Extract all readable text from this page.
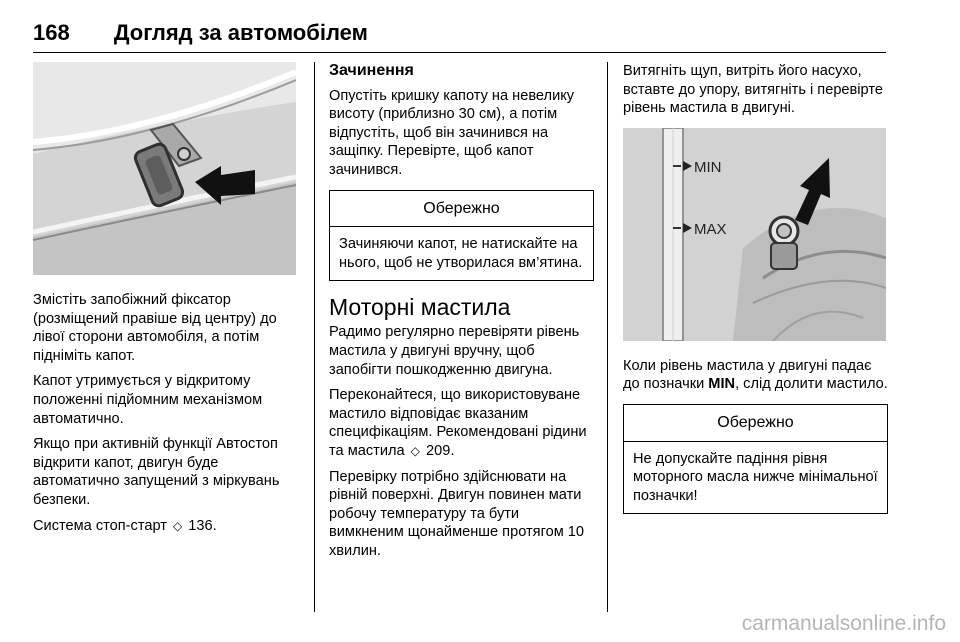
168 Догляд за автомобілем

Змістіть запобіжний фіксатор (розміщений правіше від центру) до лівої сторони автомобіля, а потім підніміть капот.

Капот утримується у відкритому положенні підйомним механізмом автоматично.

Якщо при активній функції Автостоп відкрити капот, двигун буде автоматично запущений з міркувань безпеки.

Система стоп-старт ◇ 136.

Зачинення

Опустіть кришку капоту на невелику висоту (приблизно 30 см), а потім відпустіть, щоб він зачинився на защіпку. Перевірте, щоб капот зачинився.

Обережно
Зачиняючи капот, не натискайте на нього, щоб не утворилася вм’ятина.
Моторні мастила

Радимо регулярно перевіряти рівень мастила у двигуні вручну, щоб запобігти пошкодженню двигуна.

Переконайтеся, що використовуване мастило відповідає вказаним специфікаціям. Рекомендовані рідини та мастила ◇ 209.

Перевірку потрібно здійснювати на рівній поверхні. Двигун повинен мати робочу температуру та бути вимкненим щонайменше протягом 10 хвилин.

Витягніть щуп, витріть його насухо, вставте до упору, витягніть і перевірте рівень мастила в двигуні.

MIN
MAX

Коли рівень мастила у двигуні падає до позначки MIN, слід долити мастило.

Обережно
Не допускайте падіння рівня моторного масла нижче мінімальної позначки!
carmanualsonline.info
